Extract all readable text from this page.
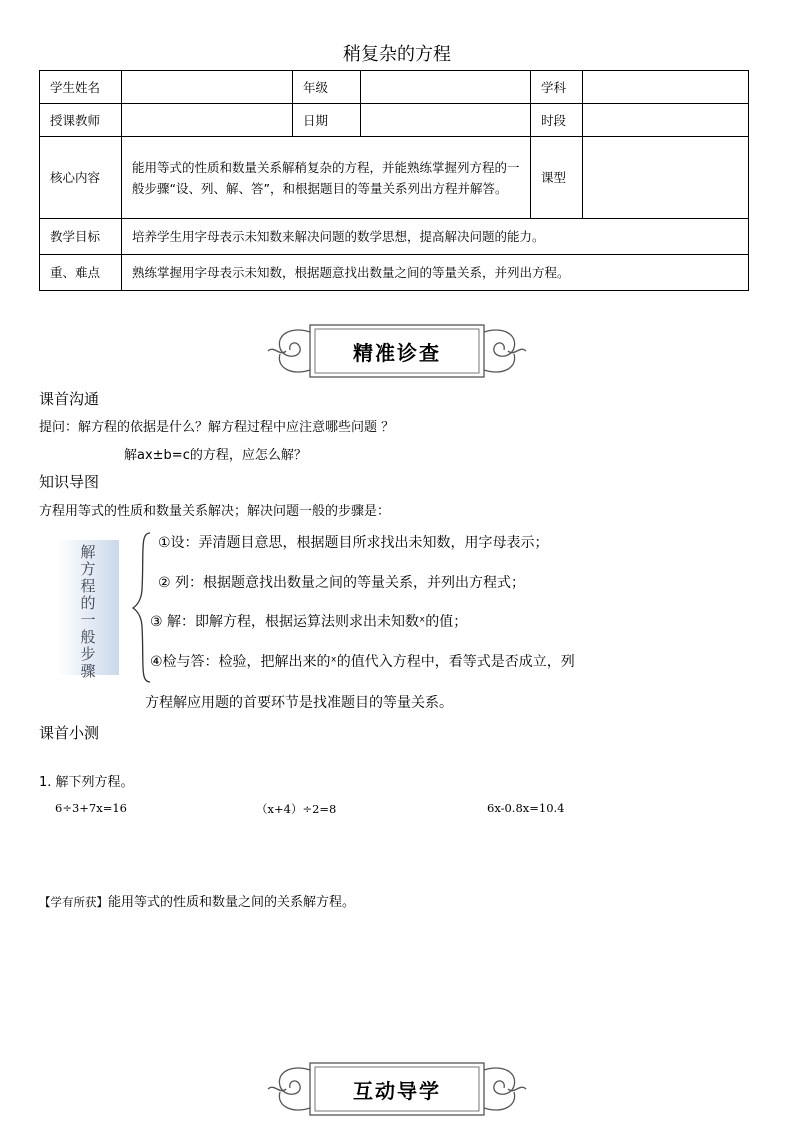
稍复杂的方程
学生姓名		年级		学科	
授课教师		日期		时段	
核心内容	能用等式的性质和数量关系解稍复杂的方程，并能熟练掌握列方程的一般步骤“设、列、解、答”，和根据题目的等量关系列出方程并解答。			课型	
教学目标	培养学生用字母表示未知数来解决问题的数学思想，提高解决问题的能力。				
重、难点	熟练掌握用字母表示未知数，根据题意找出数量之间的等量关系，并列出方程。				
精准诊查
课首沟通
提问：解方程的依据是什么？解方程过程中应注意哪些问题 ？
解ax±b=c的方程，应怎么解？
知识导图
方程用等式的性质和数量关系解决；解决问题一般的步骤是：
解
方
程
的
一
般
步
骤
①设：弄清题目意思，根据题目所求找出未知数，用字母表示；
② 列：根据题意找出数量之间的等量关系，并列出方程式；
③ 解：即解方程，根据运算法则求出未知数ˣ的值；
④检与答：检验，把解出来的ˣ的值代入方程中，看等式是否成立，列
方程解应用题的首要环节是找准题目的等量关系。
课首小测
1. 解下列方程。
6÷3+7x=16	（x+4）÷2=8	6x-0.8x=10.4
【学有所获】能用等式的性质和数量之间的关系解方程。
互动导学
